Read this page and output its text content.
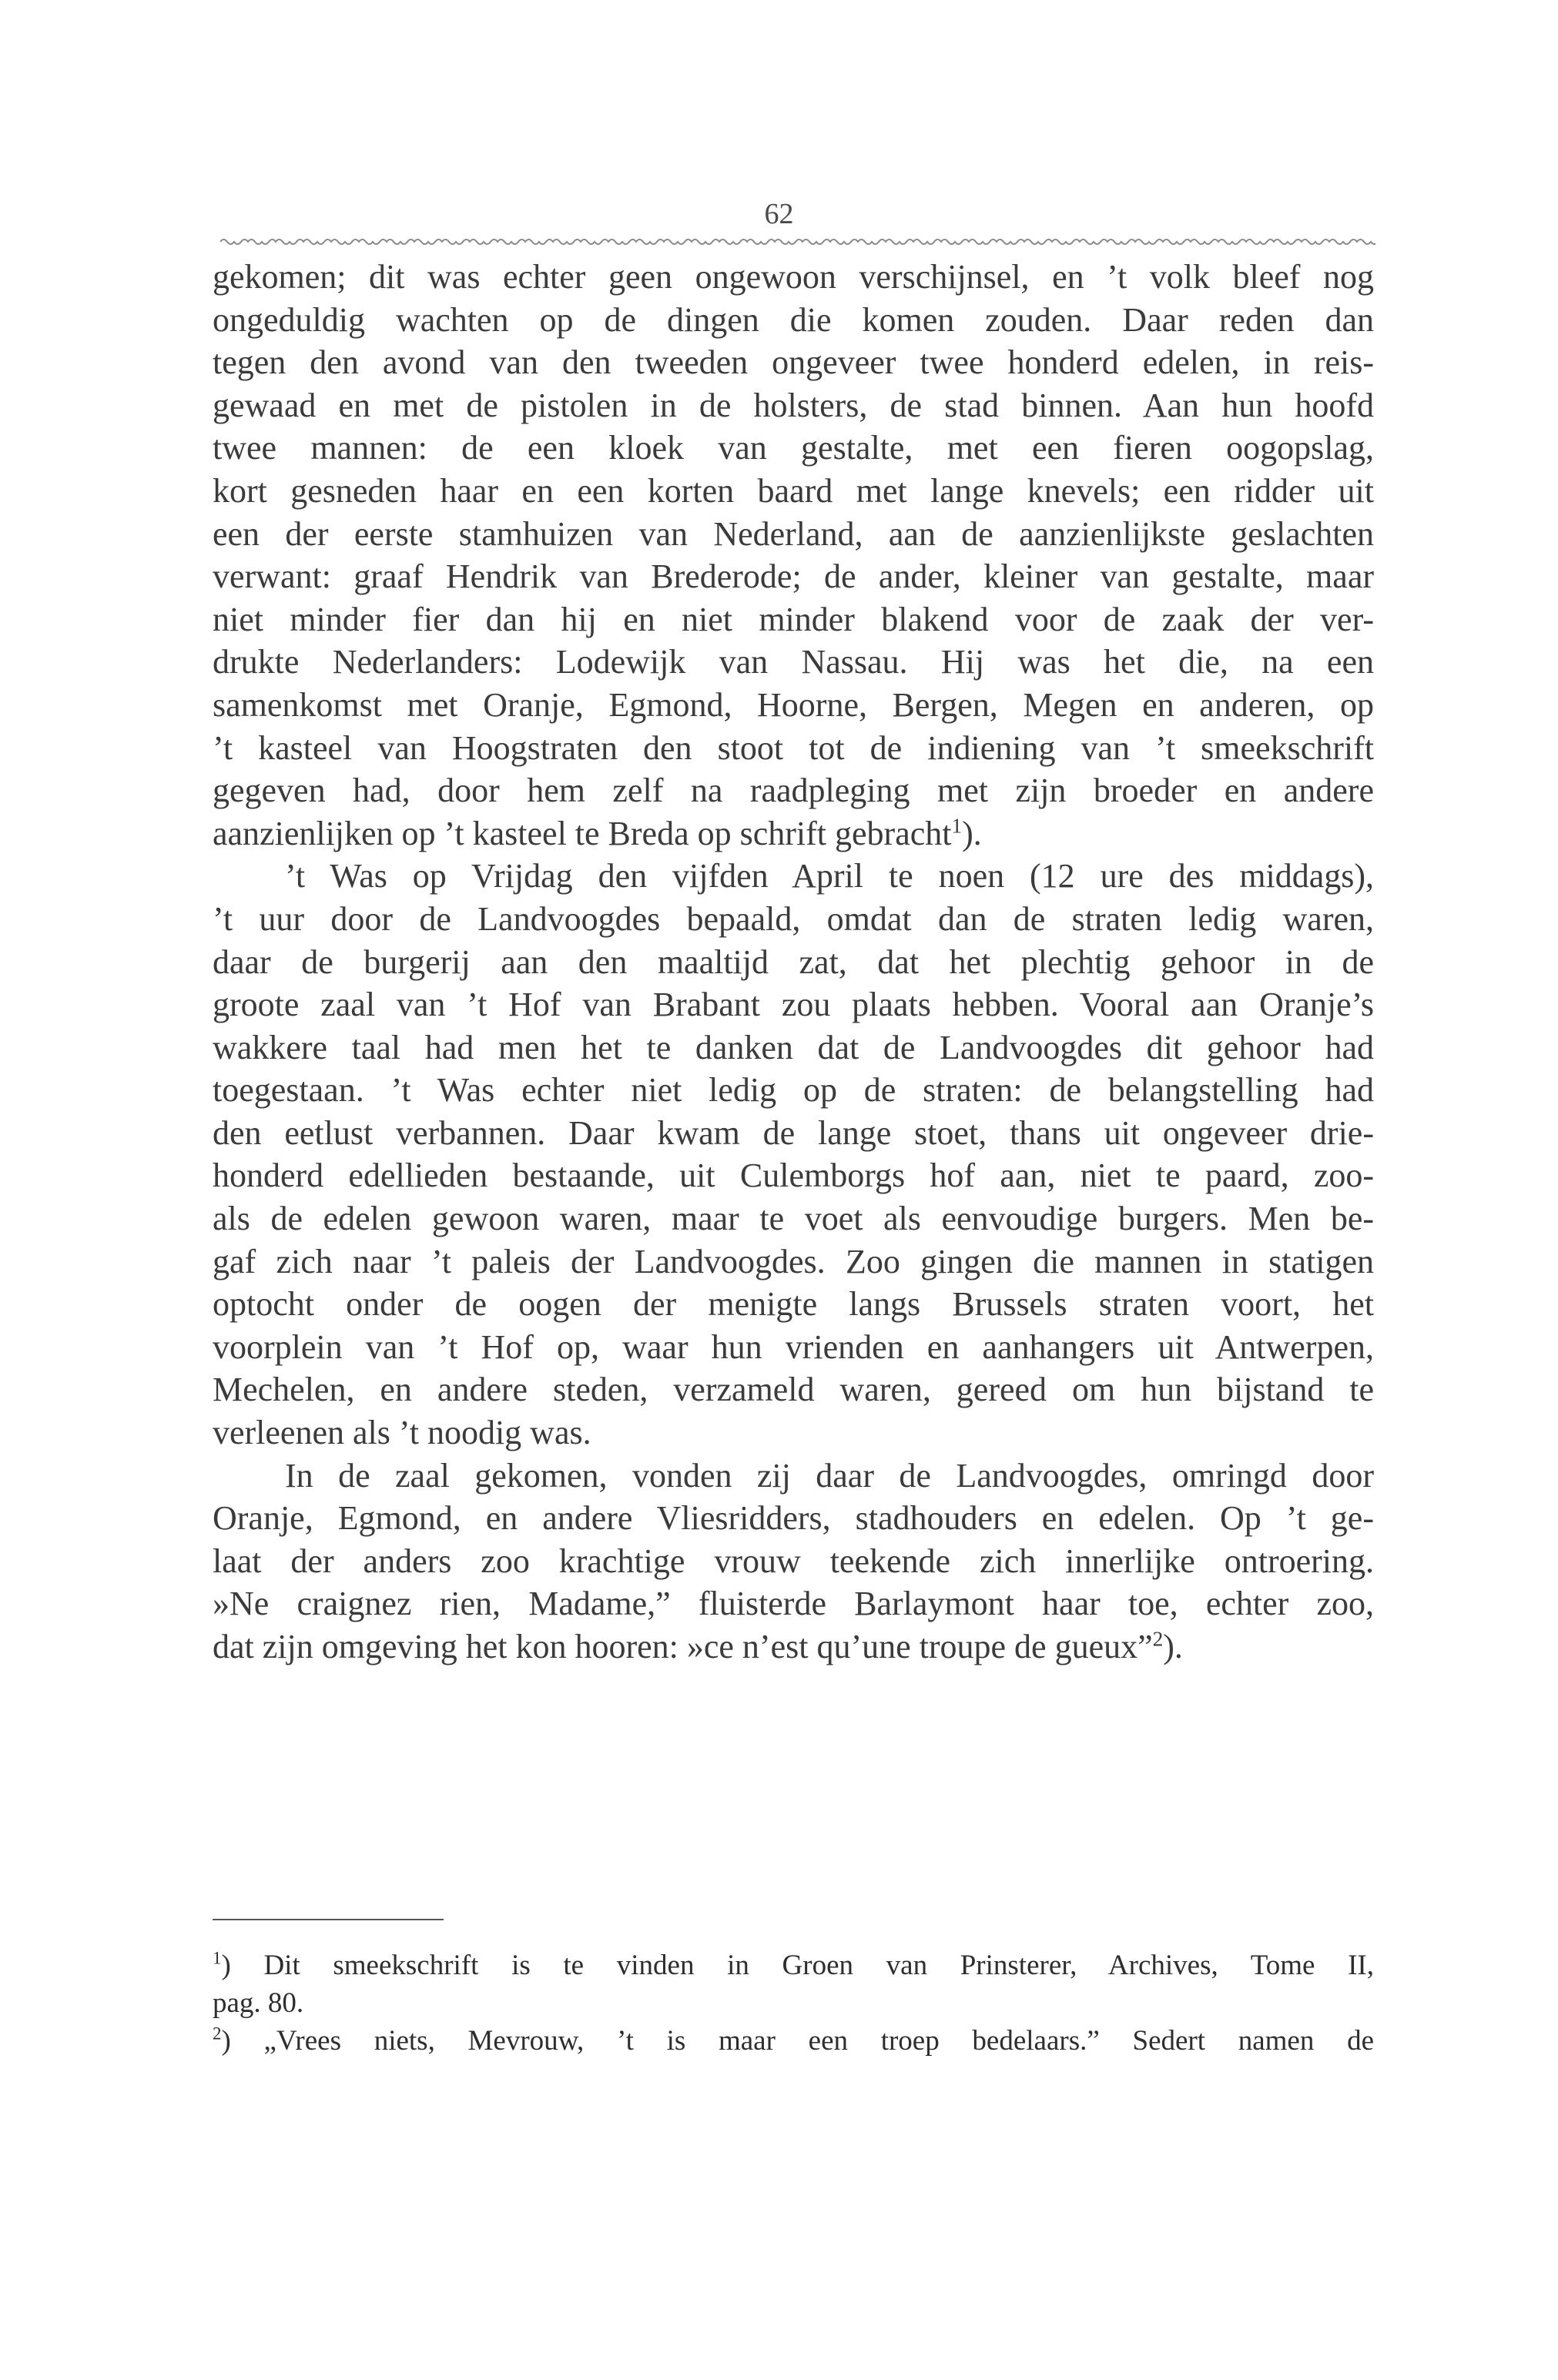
62
gekomen; dit was echter geen ongewoon verschijnsel, en ’t volk bleef nog
ongeduldig wachten op de dingen die komen zouden. Daar reden dan
tegen den avond van den tweeden ongeveer twee honderd edelen, in reis-
gewaad en met de pistolen in de holsters, de stad binnen. Aan hun hoofd
twee mannen: de een kloek van gestalte, met een fieren oogopslag,
kort gesneden haar en een korten baard met lange knevels; een ridder uit
een der eerste stamhuizen van Nederland, aan de aanzienlijkste geslachten
verwant: graaf Hendrik van Brederode; de ander, kleiner van gestalte, maar
niet minder fier dan hij en niet minder blakend voor de zaak der ver-
drukte Nederlanders: Lodewijk van Nassau. Hij was het die, na een
samenkomst met Oranje, Egmond, Hoorne, Bergen, Megen en anderen, op
’t kasteel van Hoogstraten den stoot tot de indiening van ’t smeekschrift
gegeven had, door hem zelf na raadpleging met zijn broeder en andere
aanzienlijken op ’t kasteel te Breda op schrift gebracht$^1$).
’t Was op Vrijdag den vijfden April te noen (12 ure des middags),
’t uur door de Landvoogdes bepaald, omdat dan de straten ledig waren,
daar de burgerij aan den maaltijd zat, dat het plechtig gehoor in de
groote zaal van ’t Hof van Brabant zou plaats hebben. Vooral aan Oranje’s
wakkere taal had men het te danken dat de Landvoogdes dit gehoor had
toegestaan. ’t Was echter niet ledig op de straten: de belangstelling had
den eetlust verbannen. Daar kwam de lange stoet, thans uit ongeveer drie-
honderd edellieden bestaande, uit Culemborgs hof aan, niet te paard, zoo-
als de edelen gewoon waren, maar te voet als eenvoudige burgers. Men be-
gaf zich naar ’t paleis der Landvoogdes. Zoo gingen die mannen in statigen
optocht onder de oogen der menigte langs Brussels straten voort, het
voorplein van ’t Hof op, waar hun vrienden en aanhangers uit Antwerpen,
Mechelen, en andere steden, verzameld waren, gereed om hun bijstand te
verleenen als ’t noodig was.
In de zaal gekomen, vonden zij daar de Landvoogdes, omringd door
Oranje, Egmond, en andere Vliesridders, stadhouders en edelen. Op ’t ge-
laat der anders zoo krachtige vrouw teekende zich innerlijke ontroering.
»Ne craignez rien, Madame,” fluisterde Barlaymont haar toe, echter zoo,
dat zijn omgeving het kon hooren: »ce n’est qu’une troupe de gueux”$^2$).
$^1$) Dit smeekschrift is te vinden in Groen van Prinsterer, Archives, Tome II,
pag. 80.
$^2$) „Vrees niets, Mevrouw, ’t is maar een troep bedelaars.” Sedert namen de
